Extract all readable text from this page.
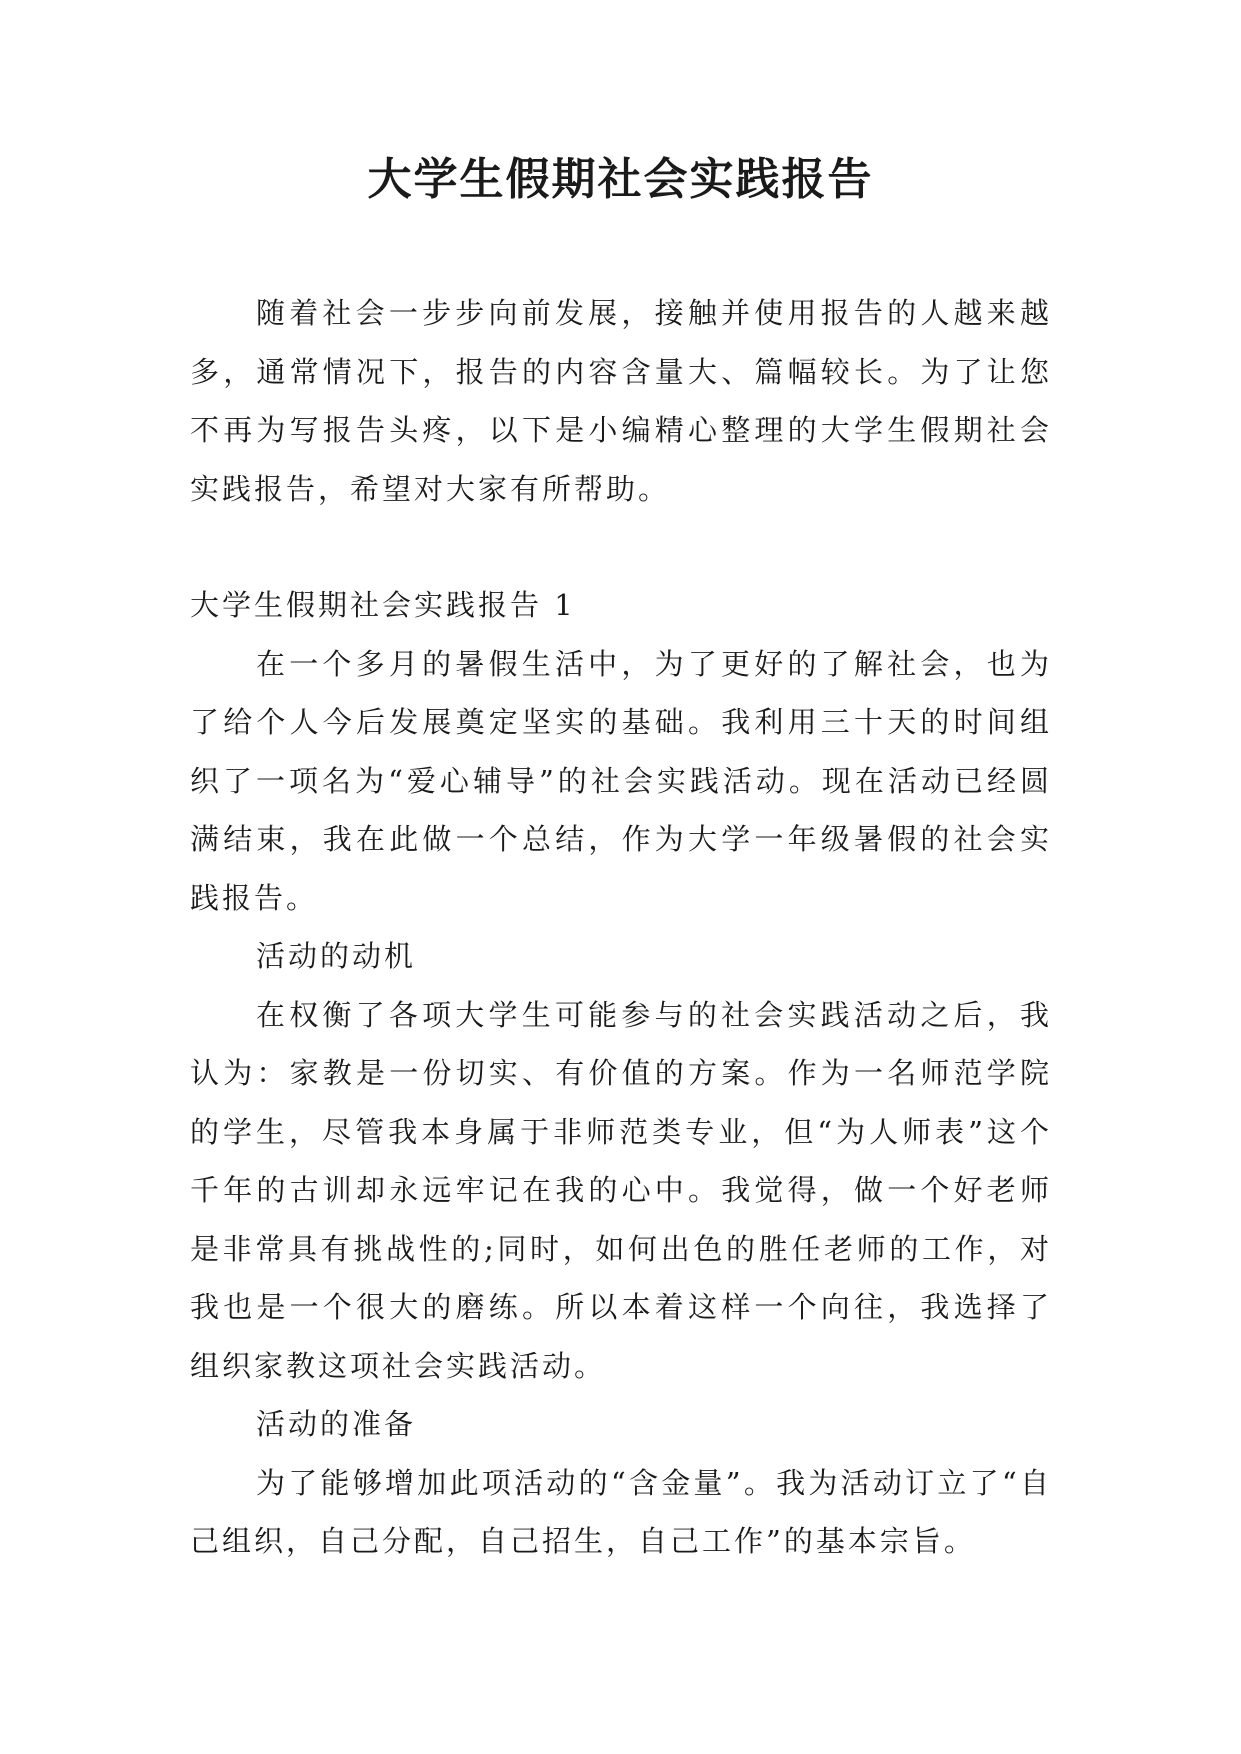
大学生假期社会实践报告

随着社会一步步向前发展，接触并使用报告的人越来越多，通常情况下，报告的内容含量大、篇幅较长。为了让您不再为写报告头疼，以下是小编精心整理的大学生假期社会实践报告，希望对大家有所帮助。

大学生假期社会实践报告 1

在一个多月的暑假生活中，为了更好的了解社会，也为了给个人今后发展奠定坚实的基础。我利用三十天的时间组织了一项名为“爱心辅导”的社会实践活动。现在活动已经圆满结束，我在此做一个总结，作为大学一年级暑假的社会实践报告。

活动的动机

在权衡了各项大学生可能参与的社会实践活动之后，我认为：家教是一份切实、有价值的方案。作为一名师范学院的学生，尽管我本身属于非师范类专业，但“为人师表”这个千年的古训却永远牢记在我的心中。我觉得，做一个好老师是非常具有挑战性的;同时，如何出色的胜任老师的工作，对我也是一个很大的磨练。所以本着这样一个向往，我选择了组织家教这项社会实践活动。

活动的准备

为了能够增加此项活动的“含金量”。我为活动订立了“自己组织，自己分配，自己招生，自己工作”的基本宗旨。
